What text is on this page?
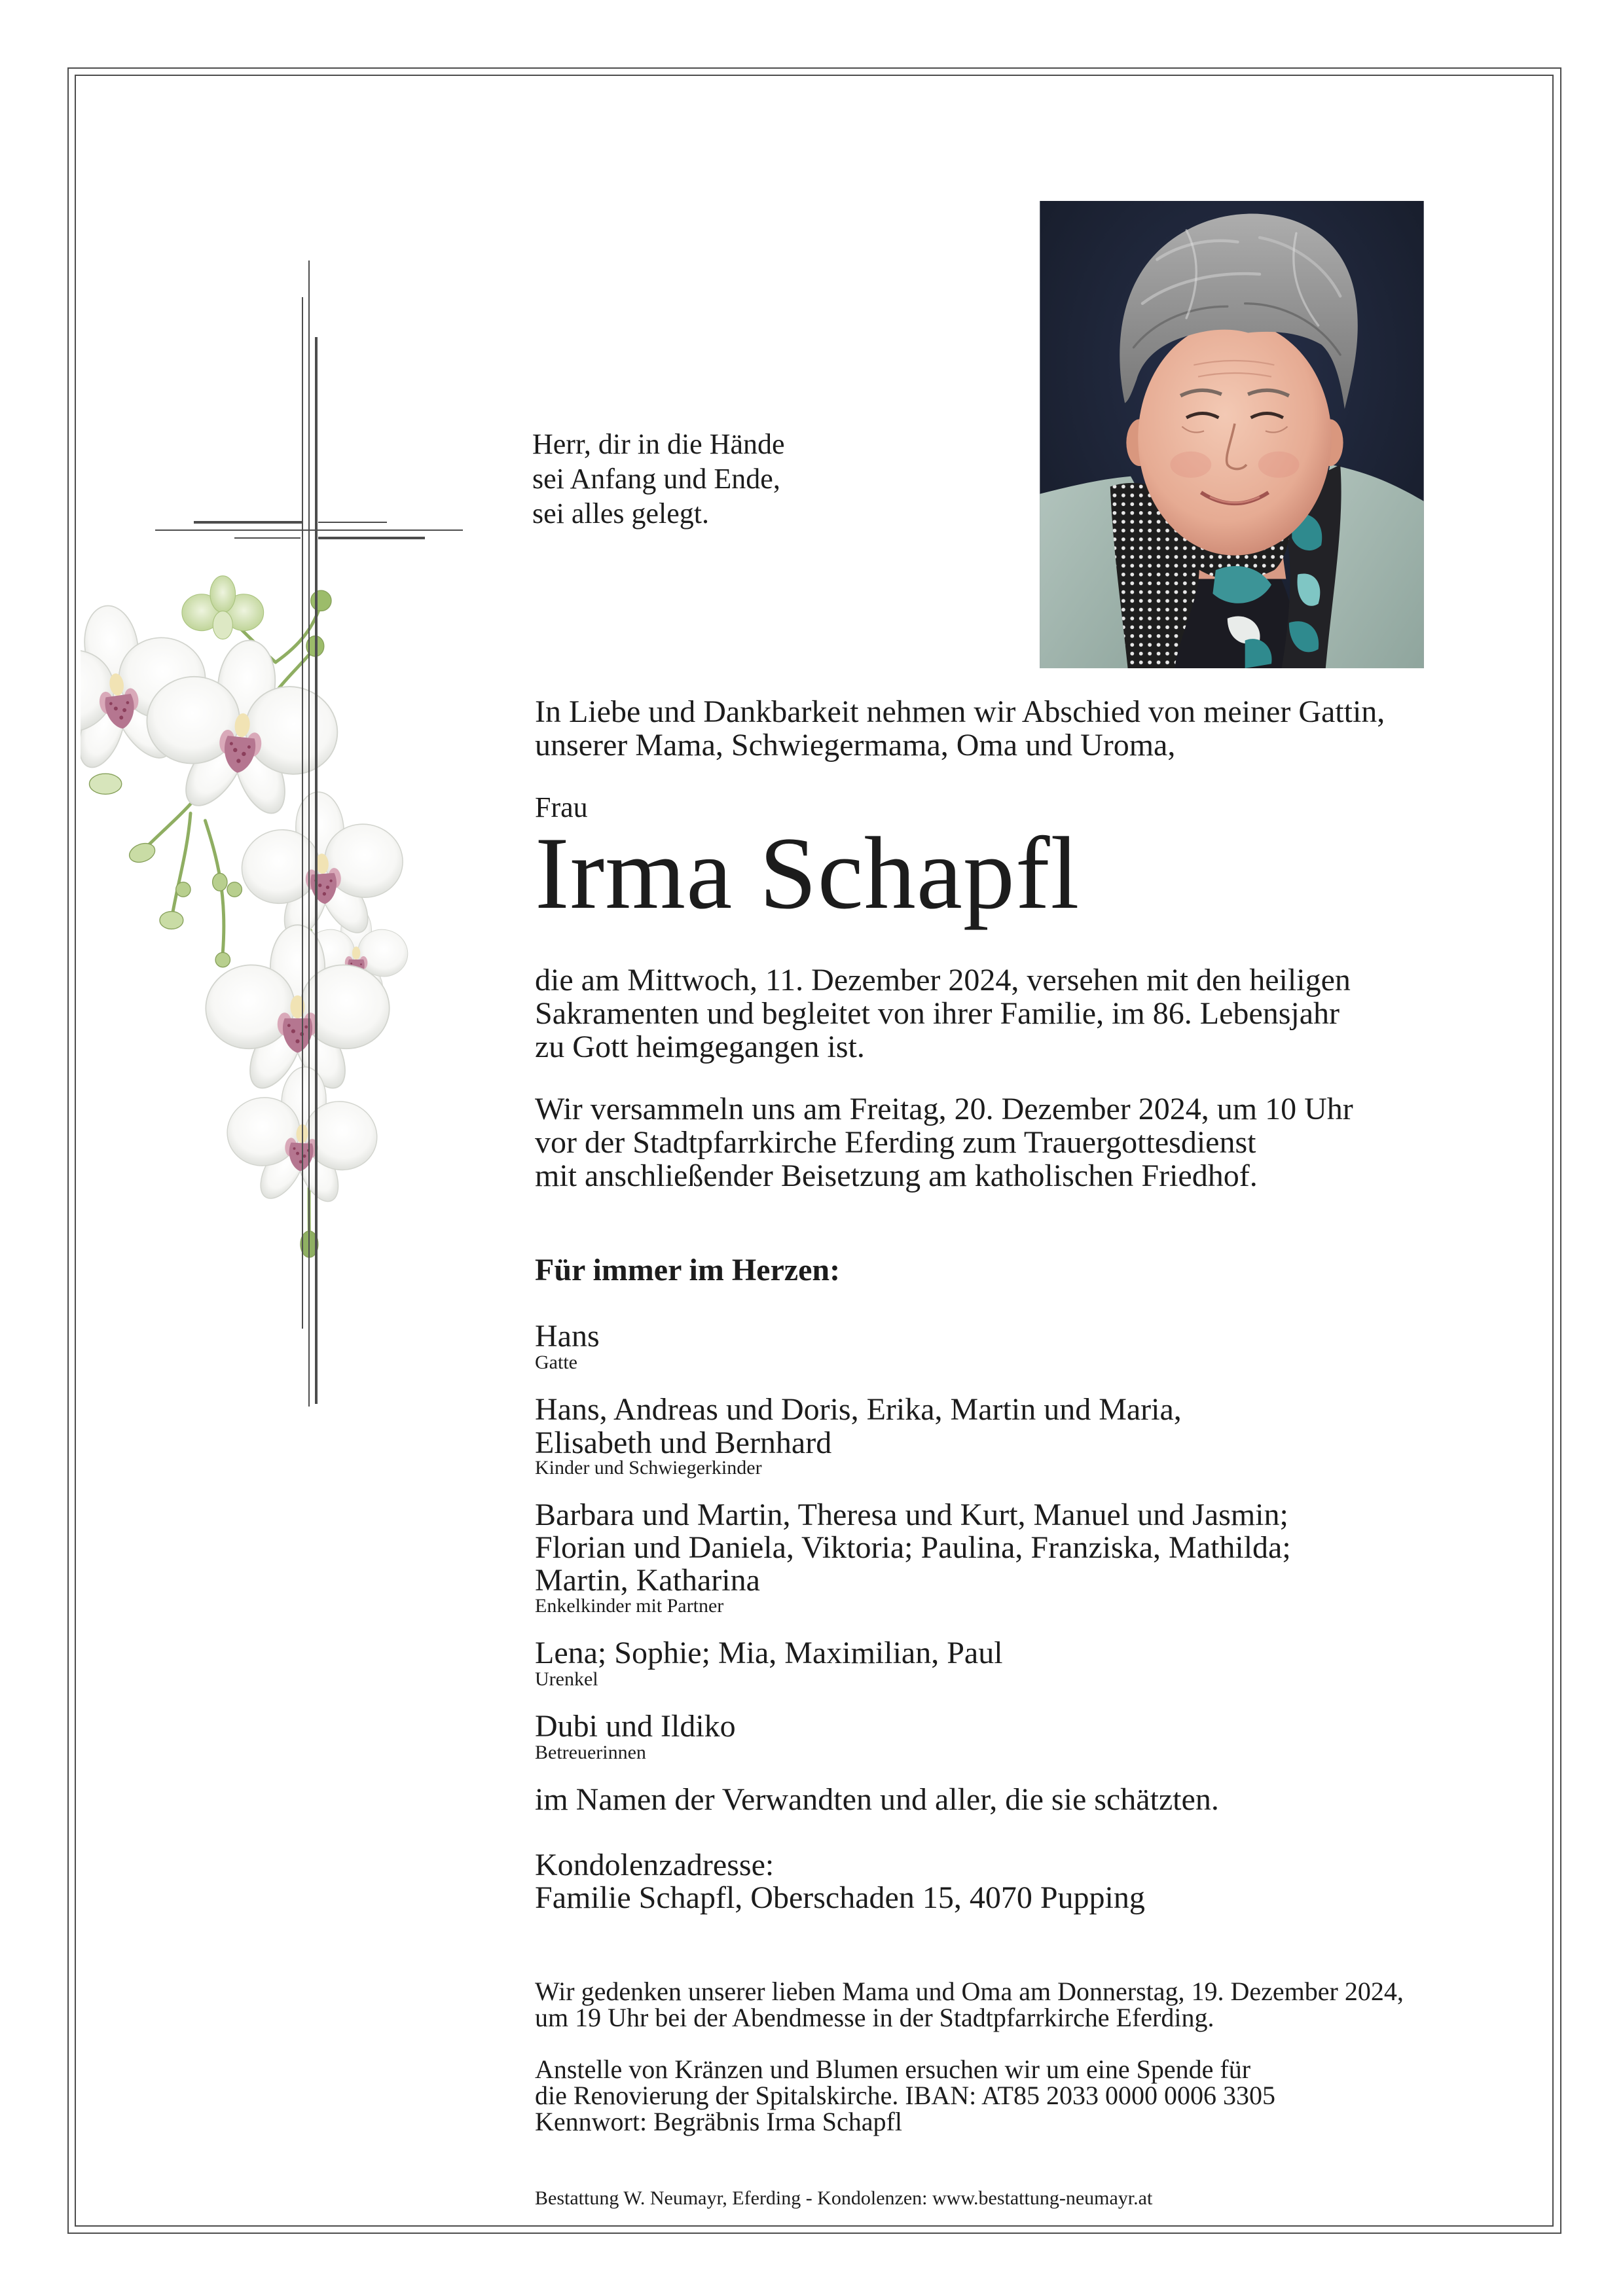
Herr, dir in die Hände
sei Anfang und Ende,
sei alles gelegt.
In Liebe und Dankbarkeit nehmen wir Abschied von meiner Gattin,
unserer Mama, Schwiegermama, Oma und Uroma,
Frau
Irma Schapfl
die am Mittwoch, 11. Dezember 2024, versehen mit den heiligen
Sakramenten und begleitet von ihrer Familie, im 86. Lebensjahr
zu Gott heimgegangen ist.
Wir versammeln uns am Freitag, 20. Dezember 2024, um 10 Uhr
vor der Stadtpfarrkirche Eferding zum Trauergottesdienst
mit anschließender Beisetzung am katholischen Friedhof.
Für immer im Herzen:
Hans
Gatte
Hans, Andreas und Doris, Erika, Martin und Maria,
Elisabeth und Bernhard
Kinder und Schwiegerkinder
Barbara und Martin, Theresa und Kurt, Manuel und Jasmin;
Florian und Daniela, Viktoria; Paulina, Franziska, Mathilda;
Martin, Katharina
Enkelkinder mit Partner
Lena; Sophie; Mia, Maximilian, Paul
Urenkel
Dubi und Ildiko
Betreuerinnen
im Namen der Verwandten und aller, die sie schätzten.
Kondolenzadresse:
Familie Schapfl, Oberschaden 15, 4070 Pupping
Wir gedenken unserer lieben Mama und Oma am Donnerstag, 19. Dezember 2024,
um 19 Uhr bei der Abendmesse in der Stadtpfarrkirche Eferding.
Anstelle von Kränzen und Blumen ersuchen wir um eine Spende für
die Renovierung der Spitalskirche. IBAN: AT85 2033 0000 0006 3305
Kennwort: Begräbnis Irma Schapfl
Bestattung W. Neumayr, Eferding - Kondolenzen: www.bestattung-neumayr.at
